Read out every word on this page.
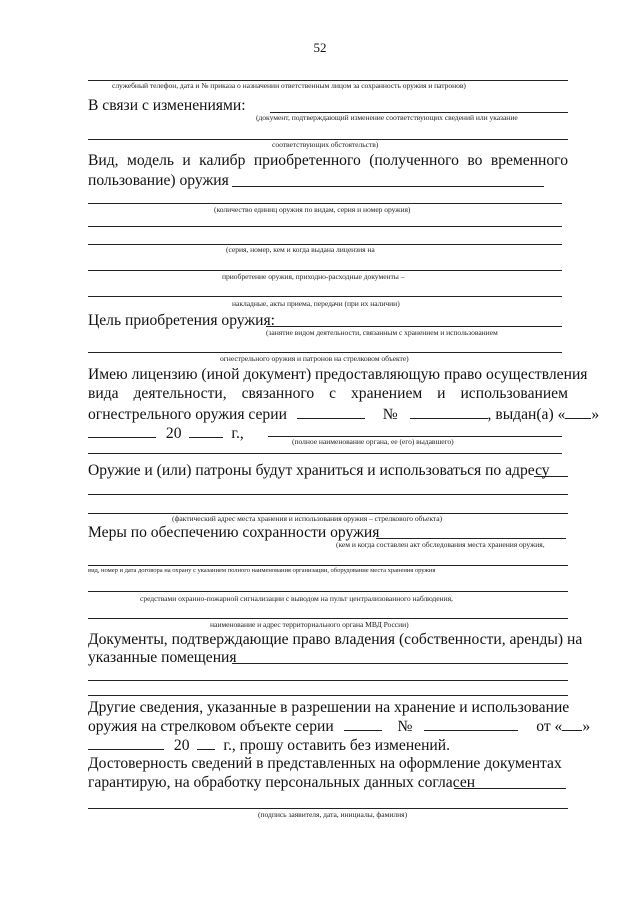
52
служебный телефон, дата и № приказа о назначении ответственным лицом за сохранность оружия и патронов)
В связи с изменениями:
(документ, подтверждающий изменение соответствующих сведений или указание
соответствующих обстоятельств)
Вид, модель и калибр приобретенного (полученного во временного
пользование) оружия
(количество единиц оружия по видам, серия и номер оружия)
(серия, номер, кем и когда выдана лицензия на
приобретение оружия, приходно-расходные документы –
накладные, акты приема, передачи (при их наличии)
Цель приобретения оружия:
(занятие видом деятельности, связанным с хранением и использованием
огнестрельного оружия и патронов на стрелковом объекте)
Имею лицензию (иной документ) предоставляющую право осуществления
вида деятельности, связанного с хранением и использованием
огнестрельного оружия серии	№	, выдан(а) « »
20	г.,	(полное наименование органа, ее (его) выдавшего)
Оружие и (или) патроны будут храниться и использоваться по адресу
(фактический адрес места хранения и использования оружия – стрелкового объекта)
Меры по обеспечению сохранности оружия
(кем и когда составлен акт обследования места хранения оружия,
вид, номер и дата договора на охрану с указанием полного наименования организации, оборудование места хранения оружия
средствами охранно-пожарной сигнализации с выводом на пульт централизованного наблюдения,
наименование и адрес территориального органа МВД России)
Документы, подтверждающие право владения (собственности, аренды) на
указанные помещения
Другие сведения, указанные в разрешении на хранение и использование
оружия на стрелковом объекте серии	№	от « »
20 г., прошу оставить без изменений.
Достоверность сведений в представленных на оформление документах
гарантирую, на обработку персональных данных согласен
(подпись заявителя, дата, инициалы, фамилия)
